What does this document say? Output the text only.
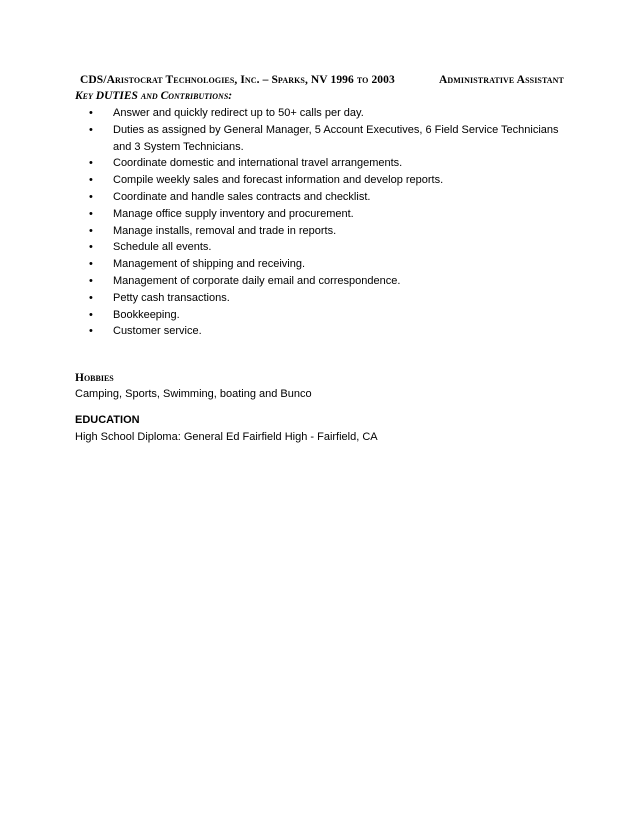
CDS/Aristocrat Technologies, Inc. – Sparks, NV 1996 to 2003	Administrative Assistant
Key DUTIES and Contributions:
• Answer and quickly redirect up to 50+ calls per day.
• Duties as assigned by General Manager, 5 Account Executives, 6 Field Service Technicians and 3 System Technicians.
• Coordinate domestic and international travel arrangements.
• Compile weekly sales and forecast information and develop reports.
• Coordinate and handle sales contracts and checklist.
• Manage office supply inventory and procurement.
• Manage installs, removal and trade in reports.
• Schedule all events.
• Management of shipping and receiving.
• Management of corporate daily email and correspondence.
• Petty cash transactions.
• Bookkeeping.
• Customer service.
Hobbies
Camping, Sports, Swimming, boating and Bunco
EDUCATION
High School Diploma: General Ed Fairfield High - Fairfield, CA
